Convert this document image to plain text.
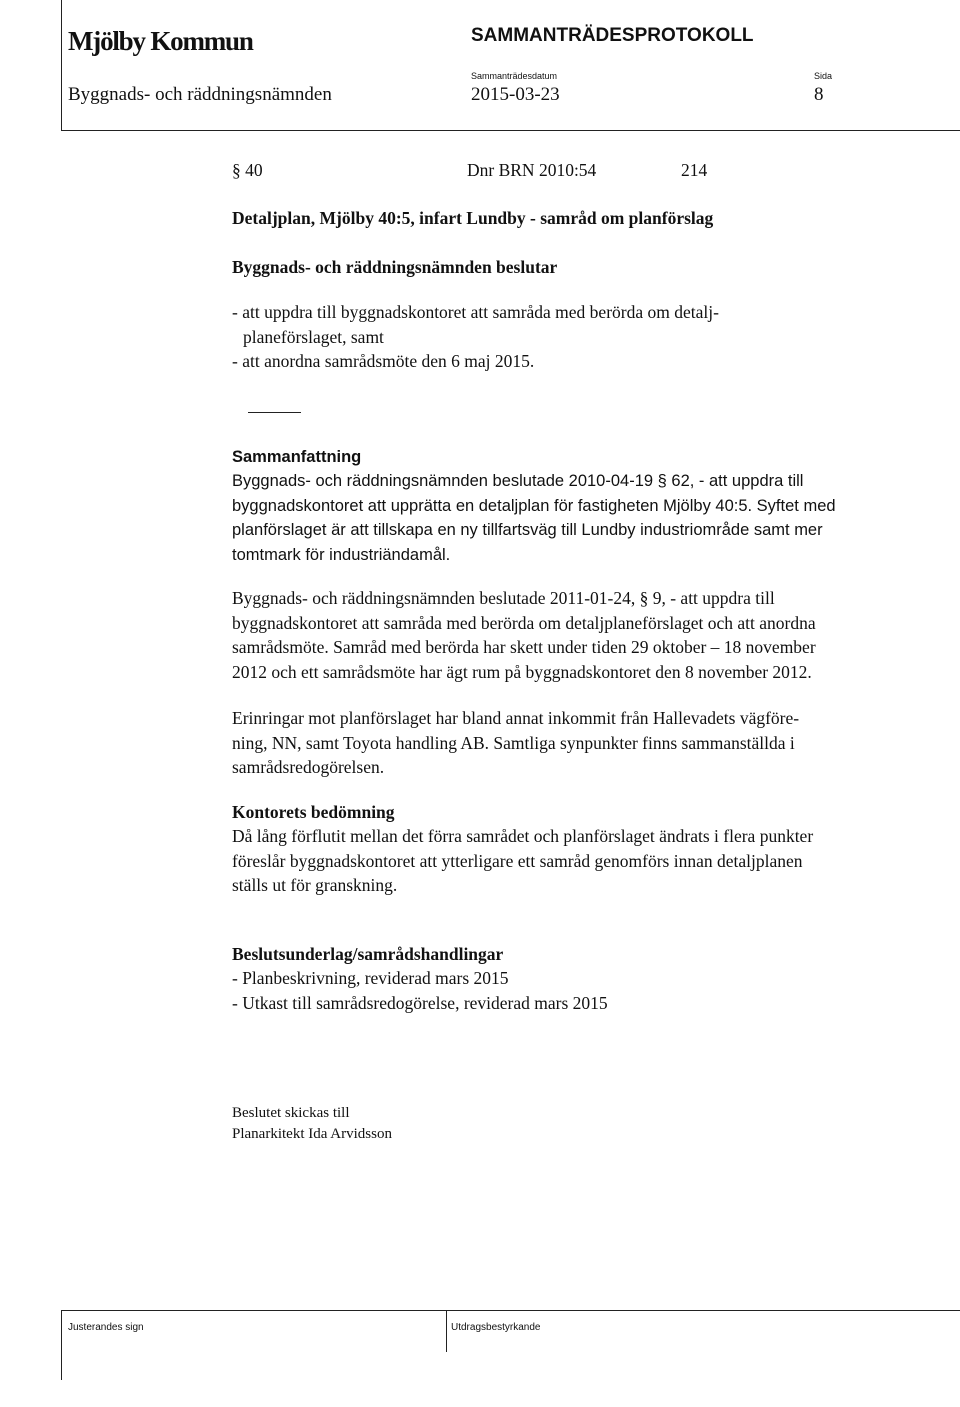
Mjölby Kommun	SAMMANTRÄDESPROTOKOLL
Sammanträdesdatum	Sida
Byggnads- och räddningsnämnden	2015-03-23	8
§ 40	Dnr BRN 2010:54	214
Detaljplan, Mjölby 40:5, infart Lundby - samråd om planförslag
Byggnads- och räddningsnämnden beslutar
- att uppdra till byggnadskontoret att samråda med berörda om detalj-
planeförslaget, samt
- att anordna samrådsmöte den 6 maj 2015.
Sammanfattning
Byggnads- och räddningsnämnden beslutade 2010-04-19 § 62, - att uppdra till
byggnadskontoret att upprätta en detaljplan för fastigheten Mjölby 40:5. Syftet med
planförslaget är att tillskapa en ny tillfartsväg till Lundby industriområde samt mer
tomtmark för industriändamål.
Byggnads- och räddningsnämnden beslutade 2011-01-24, § 9, - att uppdra till
byggnadskontoret att samråda med berörda om detaljplaneförslaget och att anordna
samrådsmöte. Samråd med berörda har skett under tiden 29 oktober – 18 november
2012 och ett samrådsmöte har ägt rum på byggnadskontoret den 8 november 2012.
Erinringar mot planförslaget har bland annat inkommit från Hallevadets vägföre-
ning, NN, samt Toyota handling AB. Samtliga synpunkter finns sammanställda i
samrådsredogörelsen.
Kontorets bedömning
Då lång förflutit mellan det förra samrådet och planförslaget ändrats i flera punkter
föreslår byggnadskontoret att ytterligare ett samråd genomförs innan detaljplanen
ställs ut för granskning.
Beslutsunderlag/samrådshandlingar
- Planbeskrivning, reviderad mars 2015
- Utkast till samrådsredogörelse, reviderad mars 2015
Beslutet skickas till
Planarkitekt Ida Arvidsson
Justerandes sign	Utdragsbestyrkande
